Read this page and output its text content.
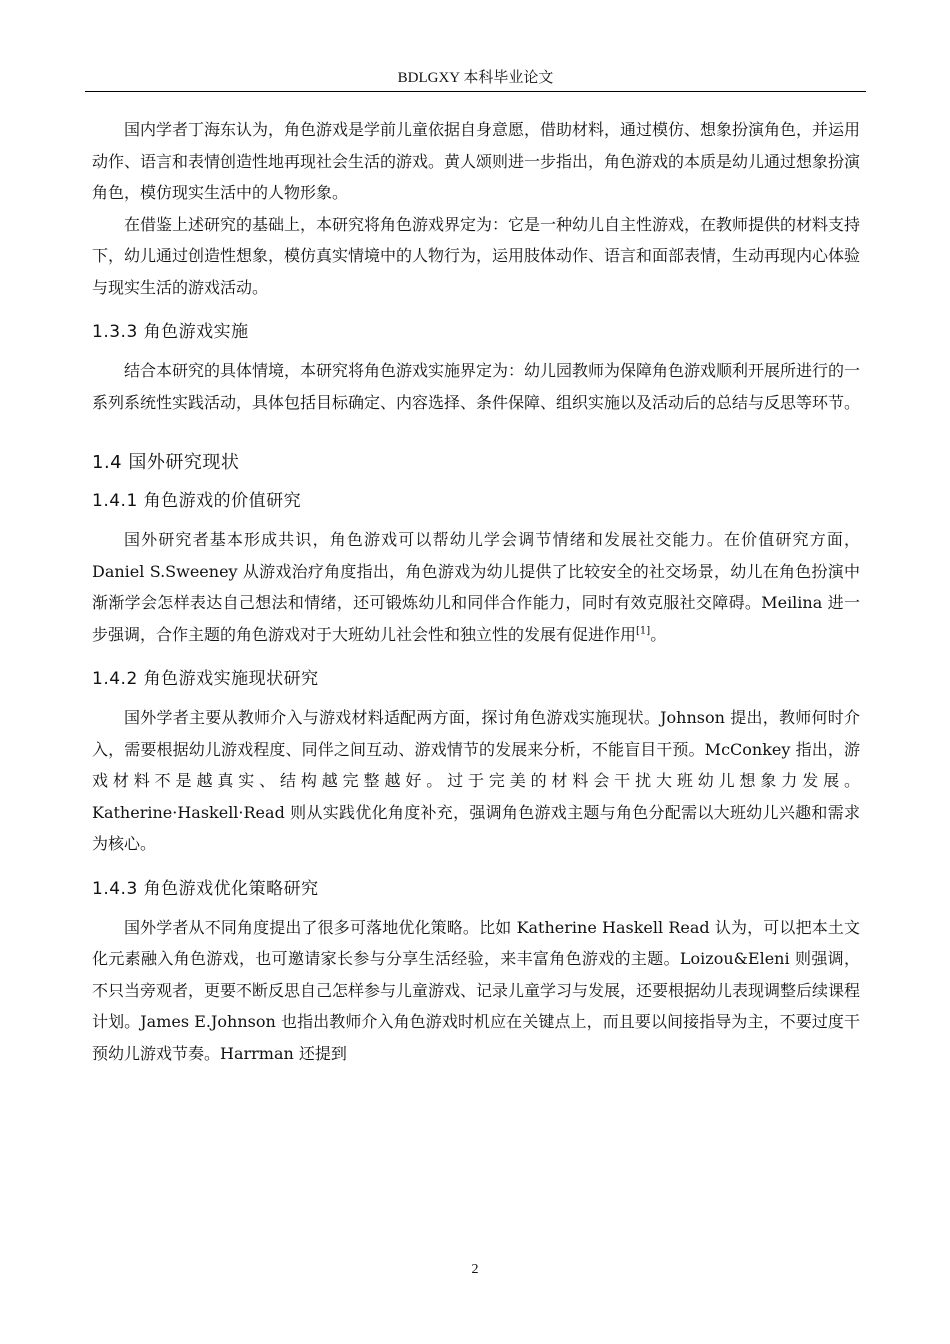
BDLGXY 本科毕业论文

国内学者丁海东认为，角色游戏是学前儿童依据自身意愿，借助材料，通过模仿、想象扮演角色，并运用动作、语言和表情创造性地再现社会生活的游戏。黄人颂则进一步指出，角色游戏的本质是幼儿通过想象扮演角色，模仿现实生活中的人物形象。

在借鉴上述研究的基础上，本研究将角色游戏界定为：它是一种幼儿自主性游戏，在教师提供的材料支持下，幼儿通过创造性想象，模仿真实情境中的人物行为，运用肢体动作、语言和面部表情，生动再现内心体验与现实生活的游戏活动。

1.3.3 角色游戏实施

结合本研究的具体情境，本研究将角色游戏实施界定为：幼儿园教师为保障角色游戏顺利开展所进行的一系列系统性实践活动，具体包括目标确定、内容选择、条件保障、组织实施以及活动后的总结与反思等环节。

1.4 国外研究现状
1.4.1 角色游戏的价值研究

国外研究者基本形成共识，角色游戏可以帮幼儿学会调节情绪和发展社交能力。在价值研究方面，Daniel S.Sweeney 从游戏治疗角度指出，角色游戏为幼儿提供了比较安全的社交场景，幼儿在角色扮演中渐渐学会怎样表达自己想法和情绪，还可锻炼幼儿和同伴合作能力，同时有效克服社交障碍。Meilina 进一步强调，合作主题的角色游戏对于大班幼儿社会性和独立性的发展有促进作用[1]。

1.4.2 角色游戏实施现状研究

国外学者主要从教师介入与游戏材料适配两方面，探讨角色游戏实施现状。Johnson 提出，教师何时介入，需要根据幼儿游戏程度、同伴之间互动、游戏情节的发展来分析，不能盲目干预。McConkey 指出，游戏材料不是越真实、结构越完整越好。过于完美的材料会干扰大班幼儿想象力发展。Katherine·Haskell·Read 则从实践优化角度补充，强调角色游戏主题与角色分配需以大班幼儿兴趣和需求为核心。

1.4.3 角色游戏优化策略研究

国外学者从不同角度提出了很多可落地优化策略。比如 Katherine Haskell Read 认为，可以把本土文化元素融入角色游戏，也可邀请家长参与分享生活经验，来丰富角色游戏的主题。Loizou&Eleni 则强调，不只当旁观者，更要不断反思自己怎样参与儿童游戏、记录儿童学习与发展，还要根据幼儿表现调整后续课程计划。James E.Johnson 也指出教师介入角色游戏时机应在关键点上，而且要以间接指导为主，不要过度干预幼儿游戏节奏。Harrman 还提到

2
